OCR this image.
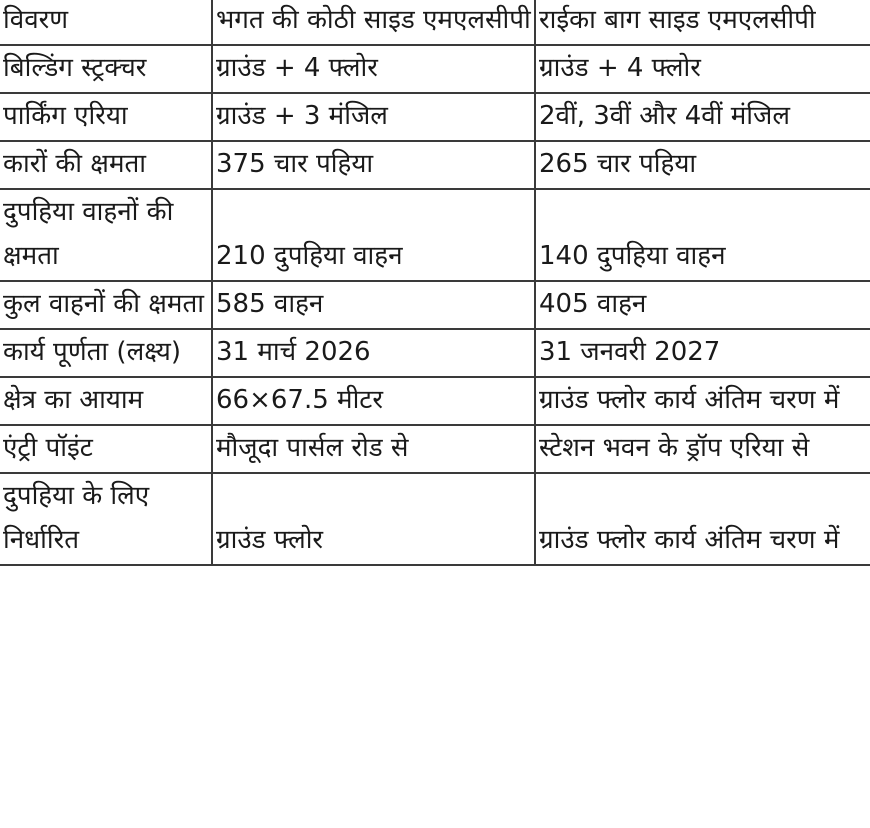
विवरण	भगत की कोठी साइड एमएलसीपी	राईका बाग साइड एमएलसीपी
बिल्डिंग स्ट्रक्चर	ग्राउंड + 4 फ्लोर	ग्राउंड + 4 फ्लोर
पार्किंग एरिया	ग्राउंड + 3 मंजिल	2वीं, 3वीं और 4वीं मंजिल
कारों की क्षमता	375 चार पहिया	265 चार पहिया
दुपहिया वाहनों की क्षमता	210 दुपहिया वाहन	140 दुपहिया वाहन
कुल वाहनों की क्षमता	585 वाहन	405 वाहन
कार्य पूर्णता (लक्ष्य)	31 मार्च 2026	31 जनवरी 2027
क्षेत्र का आयाम	66×67.5 मीटर	ग्राउंड फ्लोर कार्य अंतिम चरण में
एंट्री पॉइंट	मौजूदा पार्सल रोड से	स्टेशन भवन के ड्रॉप एरिया से
दुपहिया के लिए निर्धारित	ग्राउंड फ्लोर	ग्राउंड फ्लोर कार्य अंतिम चरण में
